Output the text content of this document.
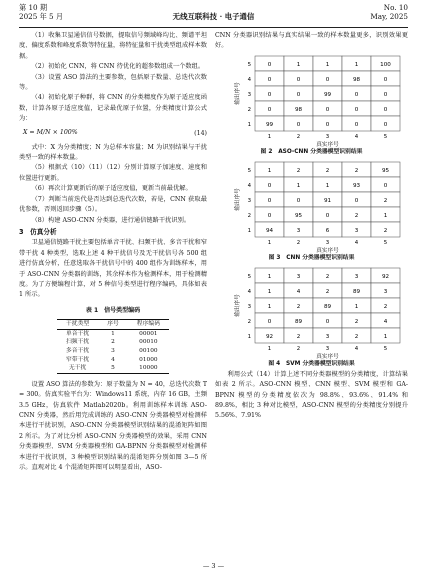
第 10 期
2025 年 5 月	无线互联科技 · 电子通信
No. 10
May, 2025

（1）收集卫星通信信号数据，提取信号频域峰均比、频谱平坦度、偏度系数和峰度系数等特征量，将特征量和干扰类型组成样本数据。

（2）初始化 CNN，将 CNN 待优化的超参数组成一个数组。

（3）设置 ASO 算法的主要参数，包括原子数量、总迭代次数等。

（4）初始化原子种群，将 CNN 的分类精度作为原子适应度函数，计算各原子适应度值，记录最优原子位置，分类精度计算公式为：

X = M/N × 100%	(14)

式中：X 为分类精度；N 为总样本容量；M 为识别结果与干扰类型一致的样本数量。

（5）根据式（10）（11）（12）分别计算原子加速度、速度和位置进行更新。

（6）再次计算更新后的原子适应度值，更新当前最优解。

（7）判断当前迭代是否达到总迭代次数，若是，CNN 获取最优参数，否则返回步骤（5）。

（8）构建 ASO-CNN 分类器，进行通信链路干扰识别。

3　仿真分析

卫星通信链路干扰主要包括单音干扰、扫频干扰、多音干扰和窄带干扰 4 种类型，选取上述 4 种干扰信号及无干扰信号各 500 组进行仿真分析，任意选取各干扰信号中的 400 组作为训练样本，用于 ASO-CNN 分类器的训练，其余样本作为检测样本，用于检测精度。为了方便编程计算，对 5 种信号类型进行程序编码，具体如表 1 所示。

表 1　信号类型编码
干扰类型	序号	程序编码
单音干扰	1	00001
扫频干扰	2	00010
多音干扰	3	00100
窄带干扰	4	01000
无干扰	5	10000

设置 ASO 算法的参数为：原子数量为 N = 40，总迭代次数 T = 300。仿真实验平台为：Windows11 系统，内存 16 GB，主频 3.5 GHz，仿真软件 Matlab2020b。利用训练样本训练 ASO-CNN 分类器，然后用完成训练的 ASO-CNN 分类器模型对检测样本进行干扰识别，ASO-CNN 分类器模型识别结果的混淆矩阵如图 2 所示。为了对比分析 ASO-CNN 分类器模型的效果，采用 CNN 分类器模型、SVM 分类器模型和 GA-BPNN 分类器模型对检测样本进行干扰识别，3 种模型识别结果的混淆矩阵分别如图 3—5 所示。直观对比 4 个混淆矩阵图可以明显看出，ASO-

CNN 分类器识别结果与真实结果一致的样本数量更多，识别效果更好。

0	1	1	1	100
0	0	0	98	0
0	0	99	0	0
0	98	0	0	0
99	0	0	0	0
5
4
3
2
1
1	2	3	4	5
真实序号
输出序号
图 2　ASO-CNN 分类器模型识别结果
1	2	2	2	95
0	1	1	93	0
0	0	91	0	2
0	95	0	2	1
94	3	6	3	2
5
4
3
2
1
1	2	3	4	5
真实序号
输出序号
图 3　CNN 分类器模型识别结果
1	3	2	3	92
1	4	2	89	3
1	2	89	1	2
0	89	0	2	4
92	2	3	2	1
5
4
3
2
1
1	2	3	4	5
真实序号
输出序号
图 4　SVM 分类器模型识别结果

利用公式（14）计算上述不同分类器模型的分类精度，计算结果如表 2 所示。ASO-CNN 模型、CNN 模型、SVM 模型和 GA-BPNN 模型的分类精度依次为 98.8%、93.6%、91.4% 和 89.8%，相比 3 种对比模型，ASO-CNN 模型的分类精度分别提升 5.56%、7.91%

— 3 —
